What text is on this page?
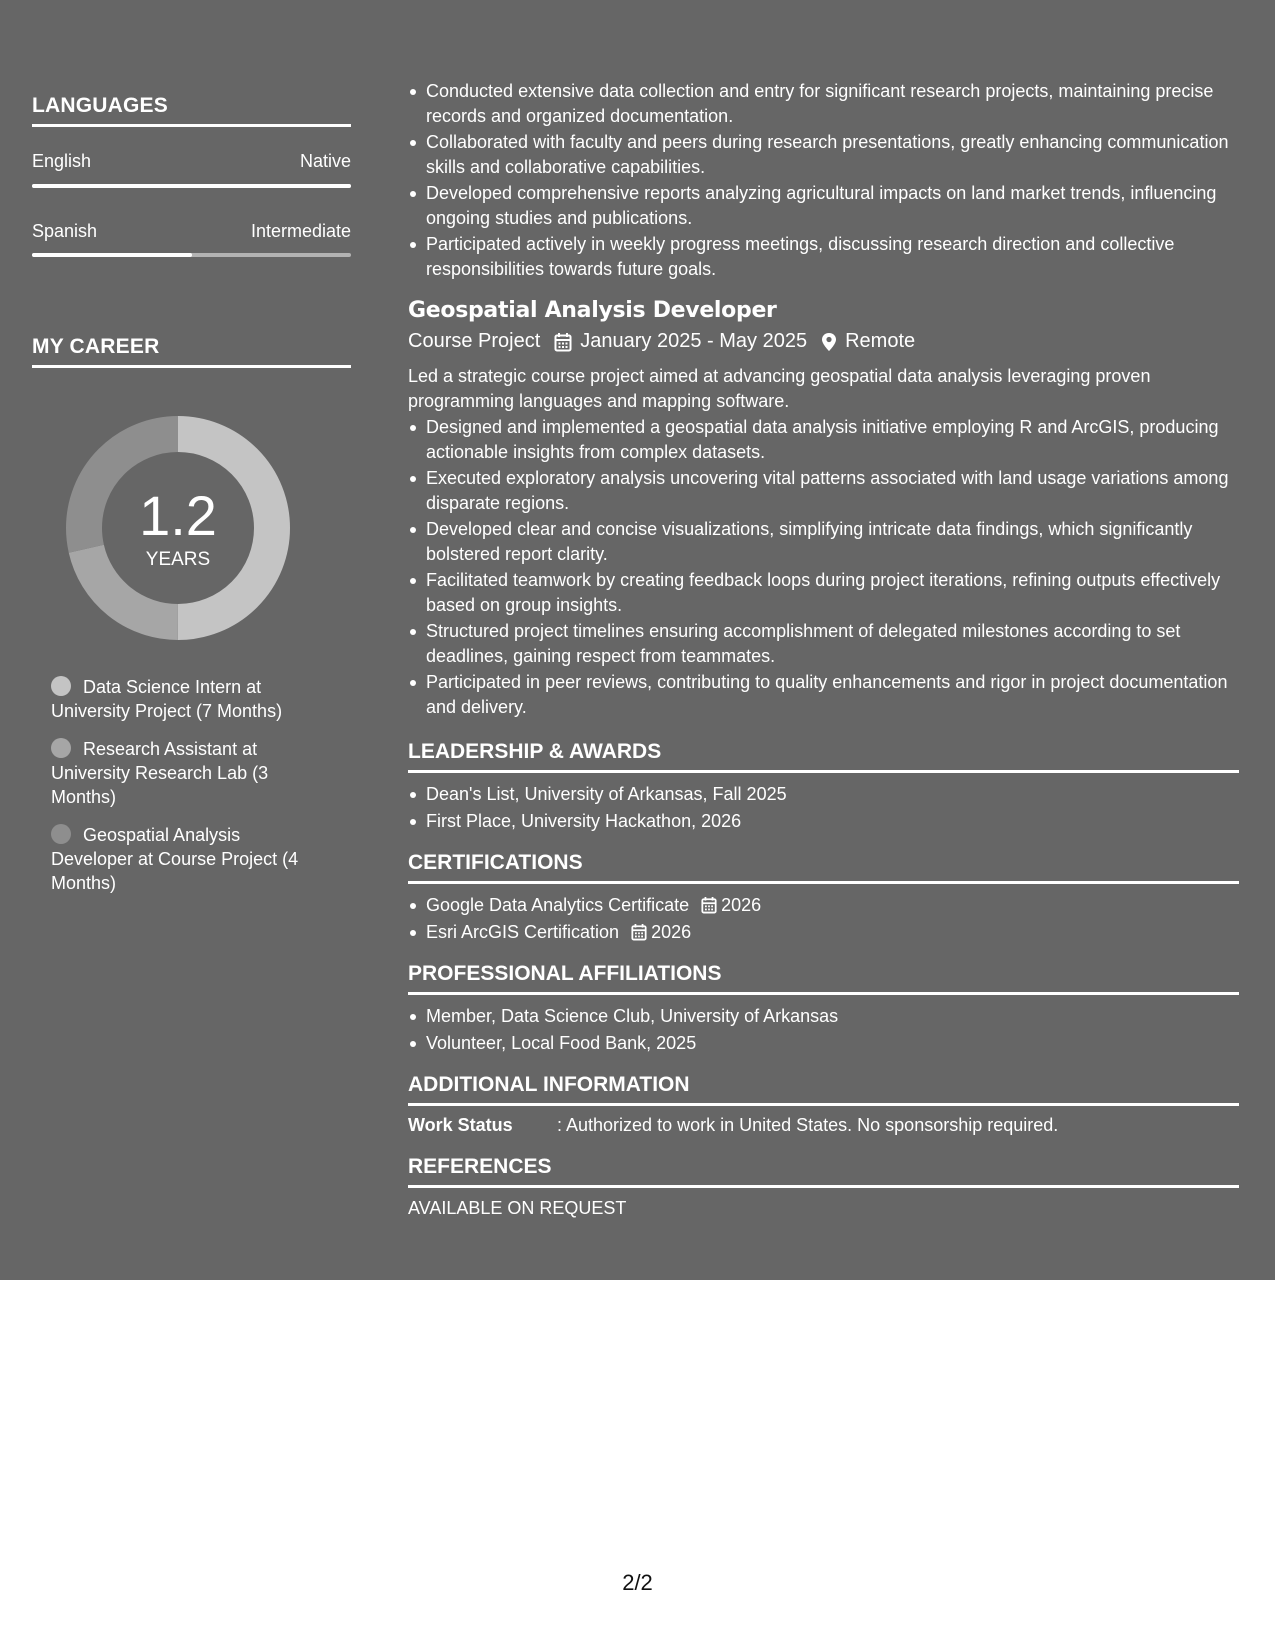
LANGUAGES
English	Native
Spanish	Intermediate
MY CAREER
1.2
YEARS
Data Science Intern at University Project (7 Months)
Research Assistant at University Research Lab (3 Months)
Geospatial Analysis Developer at Course Project (4 Months)
Conducted extensive data collection and entry for significant research projects, maintaining precise records and organized documentation.
Collaborated with faculty and peers during research presentations, greatly enhancing communication skills and collaborative capabilities.
Developed comprehensive reports analyzing agricultural impacts on land market trends, influencing ongoing studies and publications.
Participated actively in weekly progress meetings, discussing research direction and collective responsibilities towards future goals.
Geospatial Analysis Developer
Course Project January 2025 - May 2025 Remote
Led a strategic course project aimed at advancing geospatial data analysis leveraging proven programming languages and mapping software.
Designed and implemented a geospatial data analysis initiative employing R and ArcGIS, producing actionable insights from complex datasets.
Executed exploratory analysis uncovering vital patterns associated with land usage variations among disparate regions.
Developed clear and concise visualizations, simplifying intricate data findings, which significantly bolstered report clarity.
Facilitated teamwork by creating feedback loops during project iterations, refining outputs effectively based on group insights.
Structured project timelines ensuring accomplishment of delegated milestones according to set deadlines, gaining respect from teammates.
Participated in peer reviews, contributing to quality enhancements and rigor in project documentation and delivery.
LEADERSHIP & AWARDS
Dean's List, University of Arkansas, Fall 2025
First Place, University Hackathon, 2026
CERTIFICATIONS
Google Data Analytics Certificate 2026
Esri ArcGIS Certification 2026
PROFESSIONAL AFFILIATIONS
Member, Data Science Club, University of Arkansas
Volunteer, Local Food Bank, 2025
ADDITIONAL INFORMATION
Work Status : Authorized to work in United States. No sponsorship required.
REFERENCES
AVAILABLE ON REQUEST
2/2
